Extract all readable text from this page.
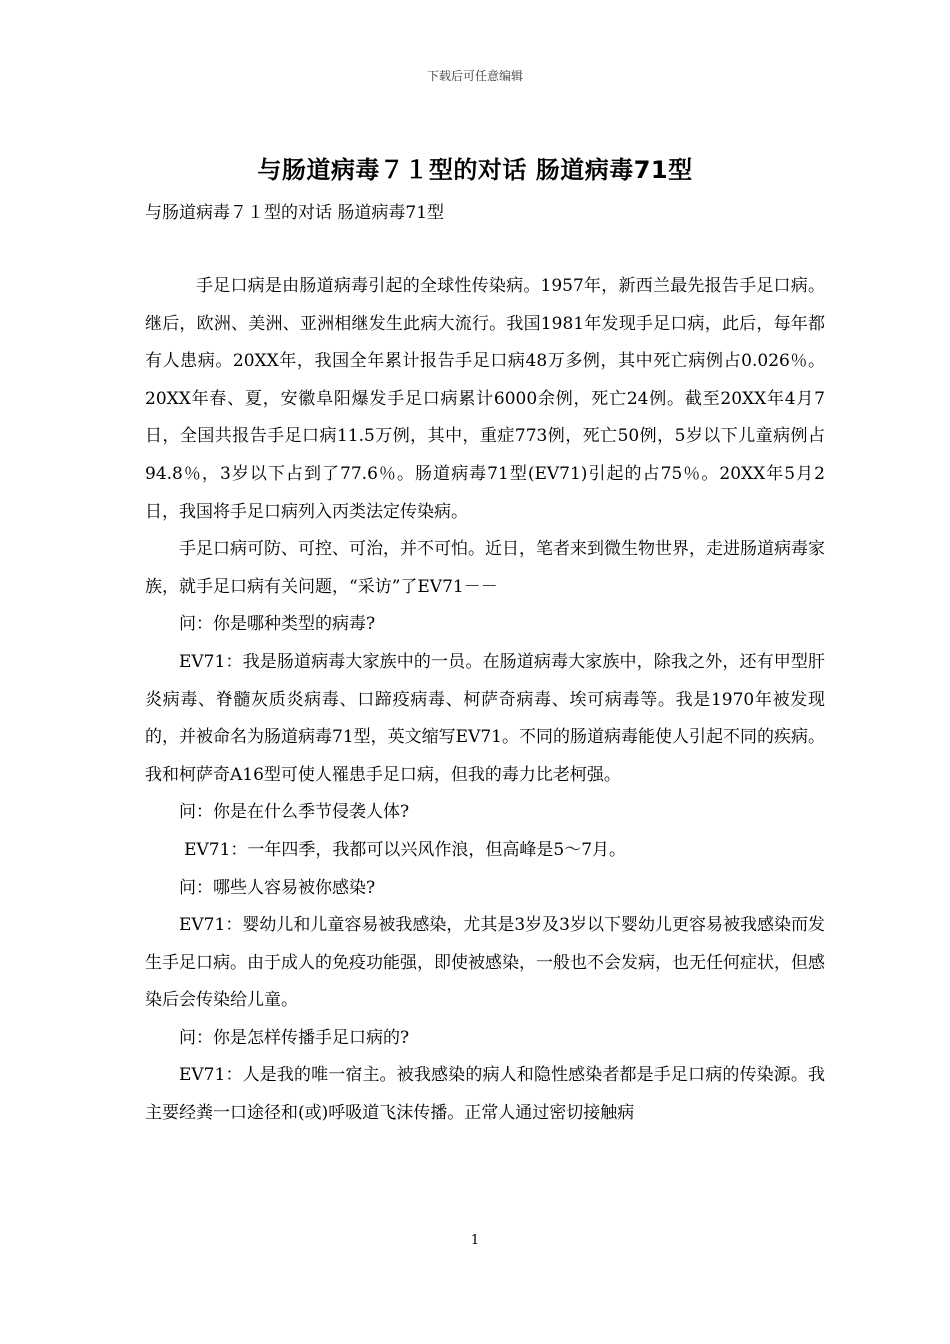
下载后可任意编辑
与肠道病毒７１型的对话 肠道病毒71型
与肠道病毒７１型的对话 肠道病毒71型

手足口病是由肠道病毒引起的全球性传染病。1957年，新西兰最先报告手足口病。继后，欧洲、美洲、亚洲相继发生此病大流行。我国1981年发现手足口病，此后，每年都有人患病。20XX年，我国全年累计报告手足口病48万多例，其中死亡病例占0.026％。20XX年春、夏，安徽阜阳爆发手足口病累计6000余例，死亡24例。截至20XX年4月7日，全国共报告手足口病11.5万例，其中，重症773例，死亡50例，5岁以下儿童病例占94.8％，3岁以下占到了77.6％。肠道病毒71型(EV71)引起的占75％。20XX年5月2日，我国将手足口病列入丙类法定传染病。

手足口病可防、可控、可治，并不可怕。近日，笔者来到微生物世界，走进肠道病毒家族，就手足口病有关问题，“采访”了EV71－－

问：你是哪种类型的病毒?

EV71：我是肠道病毒大家族中的一员。在肠道病毒大家族中，除我之外，还有甲型肝炎病毒、脊髓灰质炎病毒、口蹄疫病毒、柯萨奇病毒、埃可病毒等。我是1970年被发现的，并被命名为肠道病毒71型，英文缩写EV71。不同的肠道病毒能使人引起不同的疾病。我和柯萨奇A16型可使人罹患手足口病，但我的毒力比老柯强。

问：你是在什么季节侵袭人体?

EV71：一年四季，我都可以兴风作浪，但高峰是5～7月。

问：哪些人容易被你感染?

EV71：婴幼儿和儿童容易被我感染，尤其是3岁及3岁以下婴幼儿更容易被我感染而发生手足口病。由于成人的免疫功能强，即使被感染，一般也不会发病，也无任何症状，但感染后会传染给儿童。

问：你是怎样传播手足口病的?

EV71：人是我的唯一宿主。被我感染的病人和隐性感染者都是手足口病的传染源。我主要经粪一口途径和(或)呼吸道飞沫传播。正常人通过密切接触病

1
